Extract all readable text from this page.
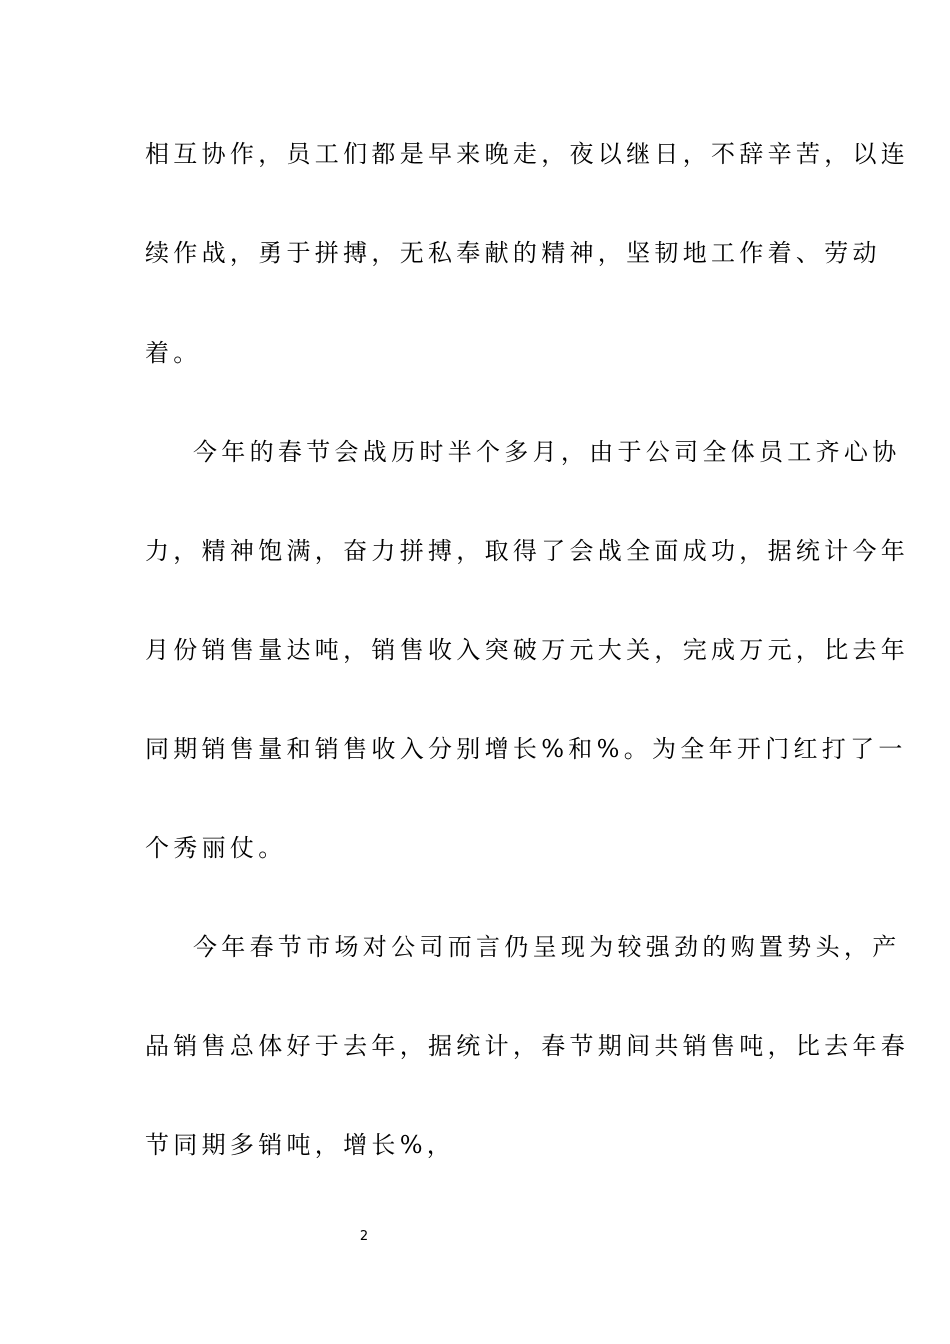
相互协作，员工们都是早来晚走，夜以继日，不辞辛苦，以连
续作战，勇于拼搏，无私奉献的精神，坚韧地工作着、劳动
着。
今年的春节会战历时半个多月，由于公司全体员工齐心协
力，精神饱满，奋力拼搏，取得了会战全面成功，据统计今年
月份销售量达吨，销售收入突破万元大关，完成万元，比去年
同期销售量和销售收入分别增长%和%。为全年开门红打了一
个秀丽仗。
今年春节市场对公司而言仍呈现为较强劲的购置势头，产
品销售总体好于去年，据统计，春节期间共销售吨，比去年春
节同期多销吨，增长%，
2
